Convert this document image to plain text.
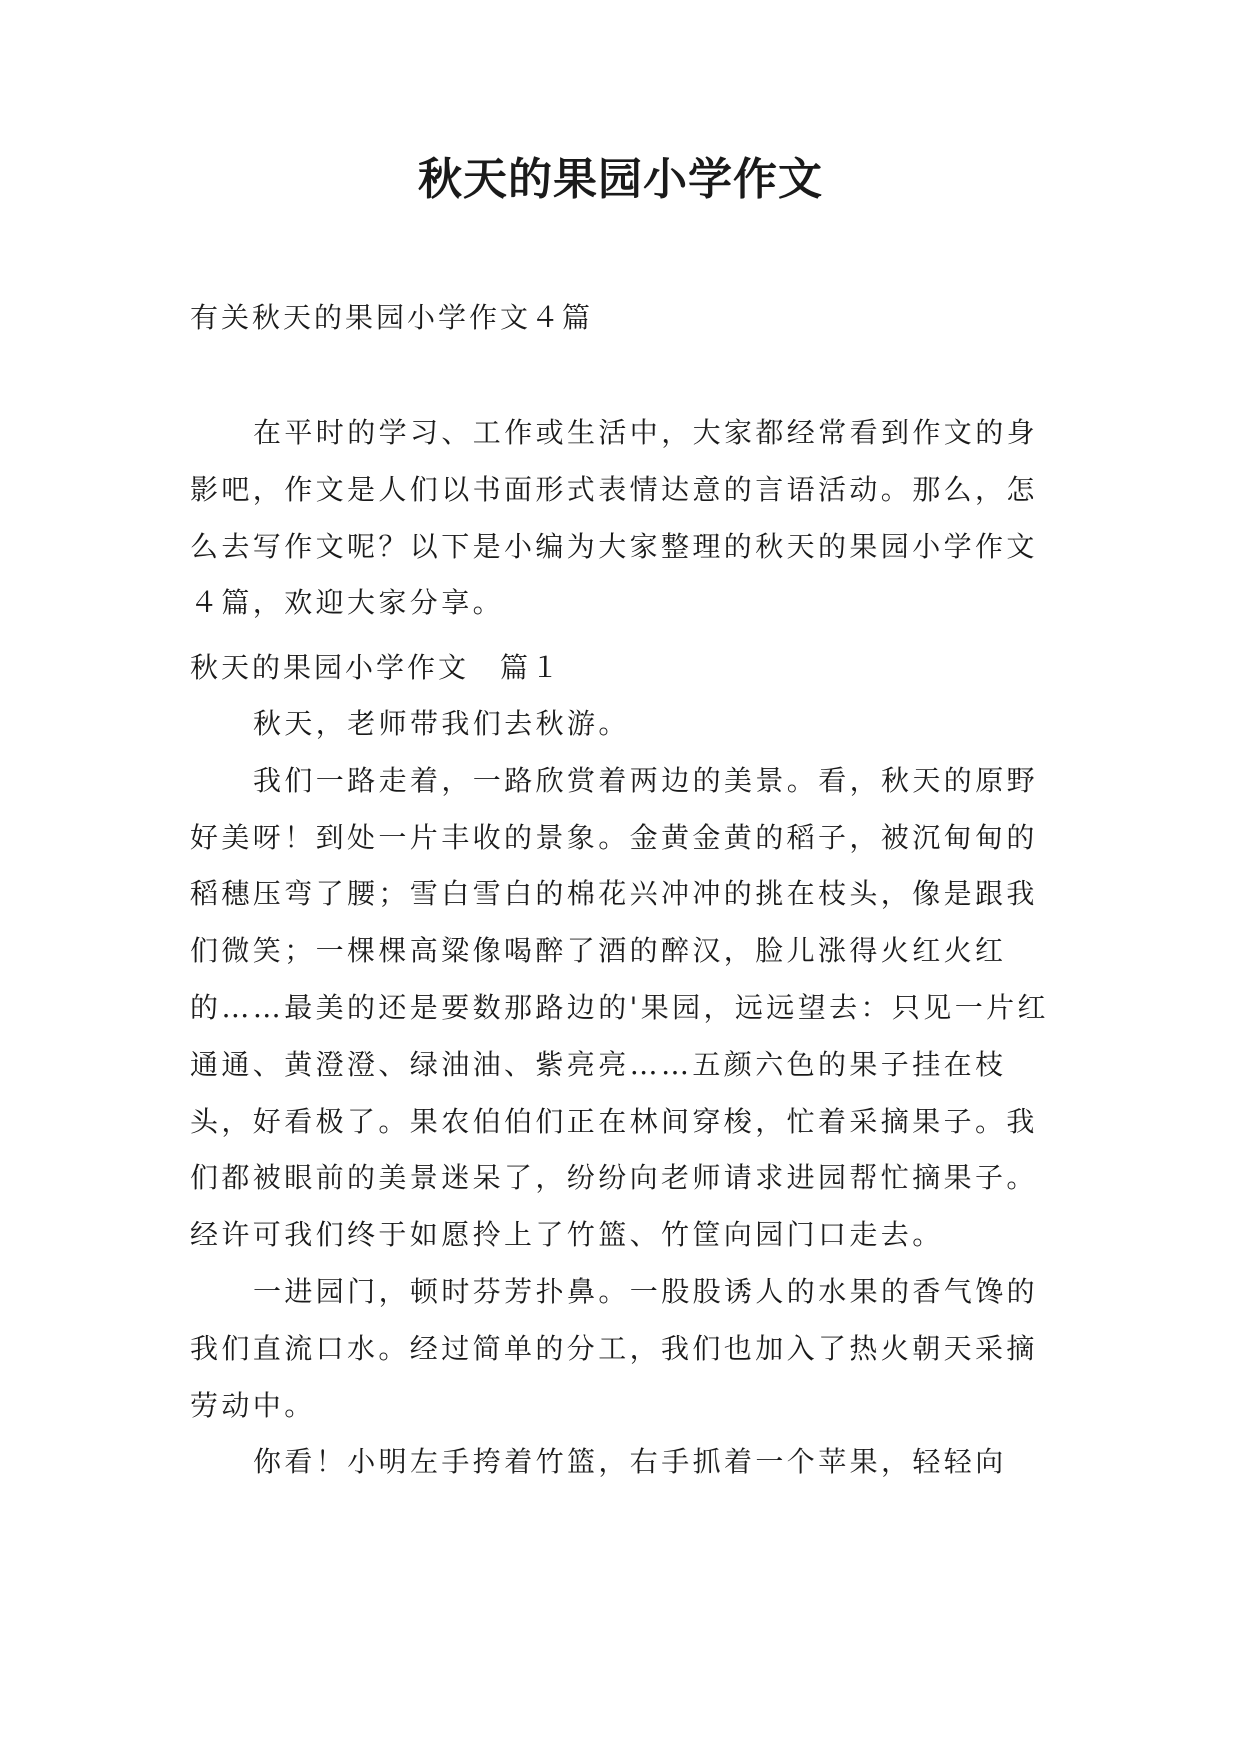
秋天的果园小学作文

有关秋天的果园小学作文４篇

在平时的学习、工作或生活中，大家都经常看到作文的身影吧，作文是人们以书面形式表情达意的言语活动。那么，怎么去写作文呢？以下是小编为大家整理的秋天的果园小学作文４篇，欢迎大家分享。

秋天的果园小学作文　篇１

秋天，老师带我们去秋游。

我们一路走着，一路欣赏着两边的美景。看，秋天的原野好美呀！到处一片丰收的景象。金黄金黄的稻子，被沉甸甸的稻穗压弯了腰；雪白雪白的棉花兴冲冲的挑在枝头，像是跟我们微笑；一棵棵高粱像喝醉了酒的醉汉，脸儿涨得火红火红的……最美的还是要数那路边的'果园，远远望去：只见一片红通通、黄澄澄、绿油油、紫亮亮……五颜六色的果子挂在枝头，好看极了。果农伯伯们正在林间穿梭，忙着采摘果子。我们都被眼前的美景迷呆了，纷纷向老师请求进园帮忙摘果子。经许可我们终于如愿拎上了竹篮、竹筐向园门口走去。

一进园门，顿时芬芳扑鼻。一股股诱人的水果的香气馋的我们直流口水。经过简单的分工，我们也加入了热火朝天采摘劳动中。

你看！小明左手挎着竹篮，右手抓着一个苹果，轻轻向
